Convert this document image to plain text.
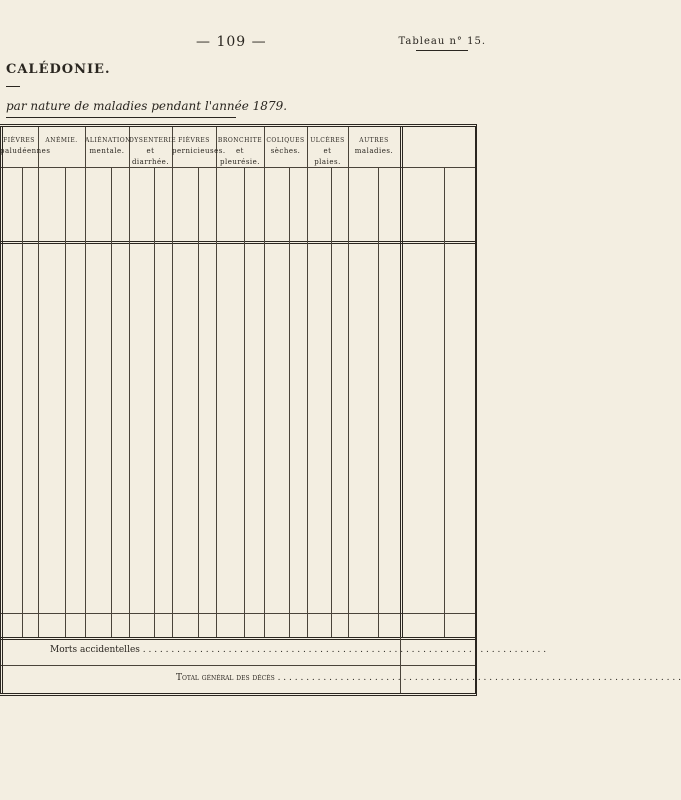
— 109 —	Tableau n° 15.
CALÉDONIE.
par nature de maladies pendant l'année 1879.
FIÈVRES
paludéennes
ANÉMIE.	ALIÉNATION
mentale.
DYSENTERIE
et
diarrhée.
FIÈVRES
pernicieuses.
BRONCHITE
et
pleurésie.
COLIQUES
sèches.
ULCÈRES
et
plaies.
AUTRES
maladies.
Morts accidentelles . . . . . . . . . . . . . . . . . . . . . . . . . . . . . . . . . . . . . . . . . . . . . . . . . . . . . . . . . . . . . . . . . . . . . . .
Total général des décès . . . . . . . . . . . . . . . . . . . . . . . . . . . . . . . . . . . . . . . . . . . . . . . . . . . . . . . . . . . . . . . . . . . . . . .
